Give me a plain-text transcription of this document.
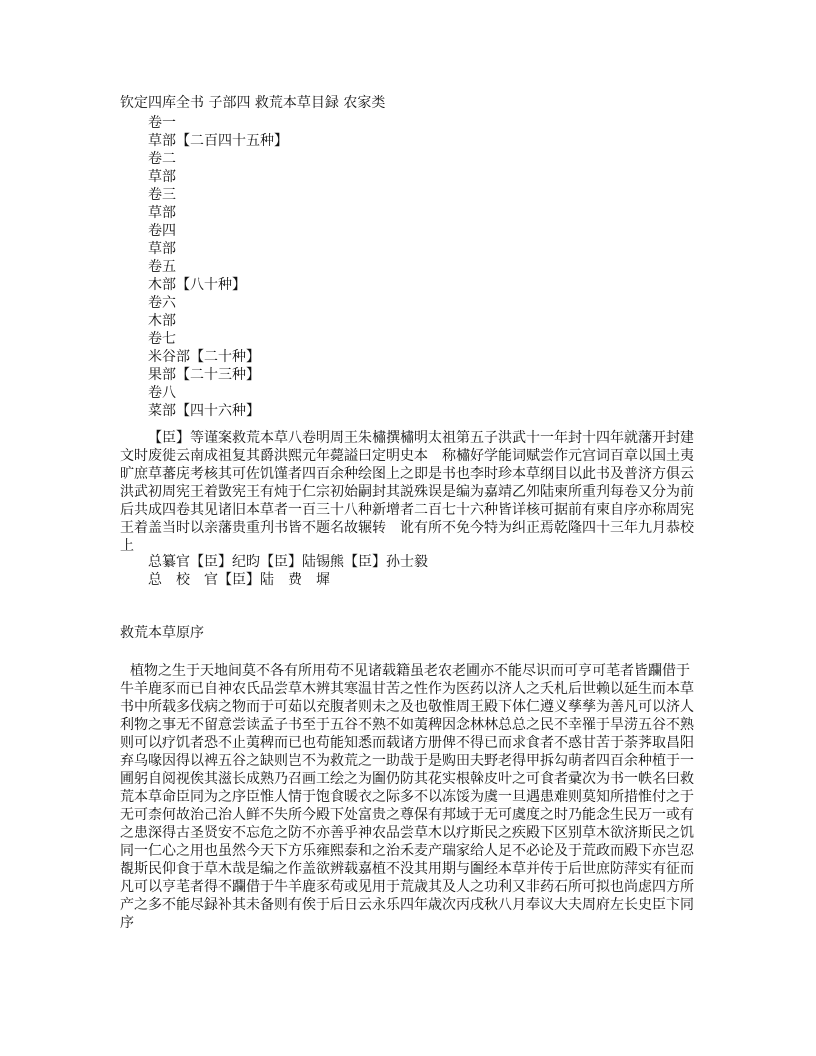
钦定四库全书 子部四 救荒本草目録 农家类
卷一
草部【二百四十五种】
卷二
草部
卷三
草部
卷四
草部
卷五
木部【八十种】
卷六
木部
卷七
米谷部【二十种】
果部【二十三种】
卷八
菜部【四十六种】
【臣】等谨案救荒本草八卷明周王朱橚撰橚明太祖第五子洪武十一年封十四年就藩开封建
文时废徙云南成祖复其爵洪熙元年薨謚曰定明史本　称橚好学能词赋尝作元宫词百章以国土夷
旷庶草蕃庑考核其可佐饥馑者四百余种绘图上之即是书也李时珍本草纲目以此书及普济方俱云
洪武初周宪王着敳宪王有炖于仁宗初始嗣封其説殊误是编为嘉靖乙夘陆柬所重刋每卷又分为前
后共成四卷其见诸旧本草者一百三十八种新增者二百七十六种皆详核可据前有柬自序亦称周宪
王着盖当时以亲藩贵重刋书皆不题名故辗转　讹有所不免今特为纠正焉乾隆四十三年九月恭校
上
总纂官【臣】纪昀【臣】陆锡熊【臣】孙士毅
总　校　官【臣】陆　费　墀
救荒本草原序
植物之生于天地间莫不各有所用苟不见诸载籍虽老农老圃亦不能尽识而可亨可芼者皆躝借于
牛羊鹿豕而已自神农氏品尝草木辨其寒温甘苦之性作为医药以济人之夭札后世赖以延生而本草
书中所载多伐病之物而于可茹以充腹者则未之及也敬惟周王殿下体仁遵义孳孳为善凡可以济人
利物之事无不留意尝读孟子书至于五谷不熟不如荑稗因念林林总总之民不幸罹于旱涝五谷不熟
则可以疗饥者恐不止荑稗而已也苟能知悉而载诸方册俾不得已而求食者不惑甘苦于荼荠取昌阳
弃乌喙因得以裨五谷之缺则岂不为救荒之一助哉于是购田夫野老得甲拆勾萌者四百余种植于一
圃躬自阅视俟其滋长成熟乃召画工绘之为圗仍防其花实根榦皮叶之可食者彚次为书一帙名曰救
荒本草命臣同为之序臣惟人情于饱食暖衣之际多不以冻馁为虞一旦遇患难则莫知所措惟付之于
无可柰何故治己治人鲜不失所今殿下处富贵之尊保有邦域于无可虞度之时乃能念生民万一或有
之患深得古圣贤安不忘危之防不亦善乎神农品尝草木以疗斯民之疾殿下区别草木欲济斯民之饥
同一仁心之用也虽然今天下方乐雍熙泰和之治禾麦产瑞家给人足不必论及于荒政而殿下亦岂忍
覩斯民仰食于草木哉是编之作盖欲辨载嘉植不没其用期与圗经本草并传于后世庶防萍实有征而
凡可以亨芼者得不躝借于牛羊鹿豕苟或见用于荒歳其及人之功利又非药石所可拟也尚虑四方所
产之多不能尽録补其未备则有俟于后日云永乐四年歳次丙戌秋八月奉议大夫周府左长史臣卞同
序
